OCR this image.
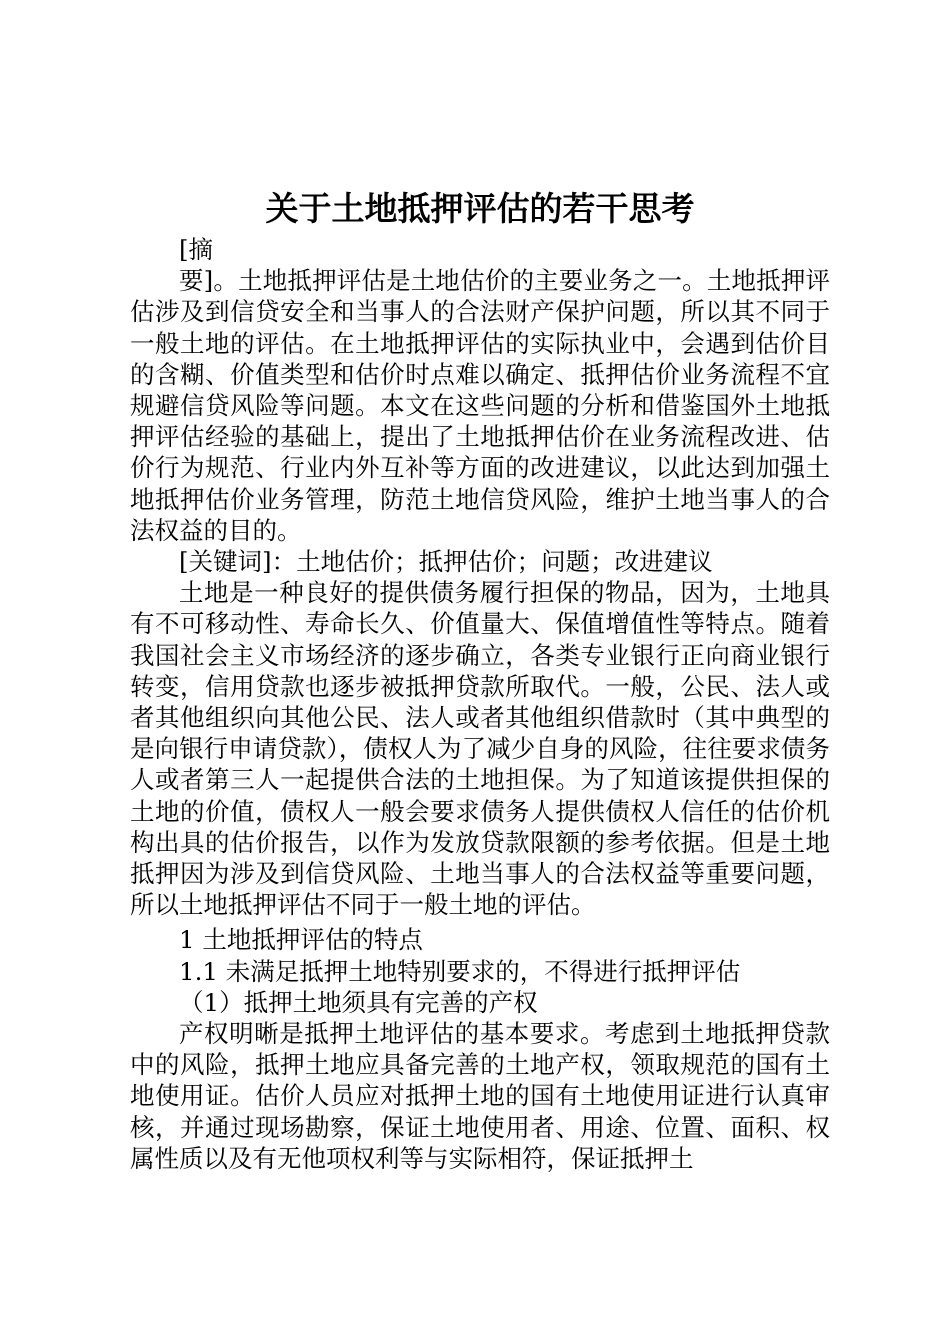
关于土地抵押评估的若干思考

[摘

要]。土地抵押评估是土地估价的主要业务之一。土地抵押评估涉及到信贷安全和当事人的合法财产保护问题，所以其不同于一般土地的评估。在土地抵押评估的实际执业中，会遇到估价目的含糊、价值类型和估价时点难以确定、抵押估价业务流程不宜规避信贷风险等问题。本文在这些问题的分析和借鉴国外土地抵押评估经验的基础上，提出了土地抵押估价在业务流程改进、估价行为规范、行业内外互补等方面的改进建议，以此达到加强土地抵押估价业务管理，防范土地信贷风险，维护土地当事人的合法权益的目的。

[关键词]：土地估价；抵押估价；问题；改进建议

土地是一种良好的提供债务履行担保的物品，因为，土地具有不可移动性、寿命长久、价值量大、保值增值性等特点。随着我国社会主义市场经济的逐步确立，各类专业银行正向商业银行转变，信用贷款也逐步被抵押贷款所取代。一般，公民、法人或者其他组织向其他公民、法人或者其他组织借款时（其中典型的是向银行申请贷款），债权人为了减少自身的风险，往往要求债务人或者第三人一起提供合法的土地担保。为了知道该提供担保的土地的价值，债权人一般会要求债务人提供债权人信任的估价机构出具的估价报告，以作为发放贷款限额的参考依据。但是土地抵押因为涉及到信贷风险、土地当事人的合法权益等重要问题，所以土地抵押评估不同于一般土地的评估。

1 土地抵押评估的特点

1.1 未满足抵押土地特别要求的，不得进行抵押评估

（1）抵押土地须具有完善的产权

产权明晰是抵押土地评估的基本要求。考虑到土地抵押贷款中的风险，抵押土地应具备完善的土地产权，领取规范的国有土地使用证。估价人员应对抵押土地的国有土地使用证进行认真审核，并通过现场勘察，保证土地使用者、用途、位置、面积、权属性质以及有无他项权利等与实际相符，保证抵押土
